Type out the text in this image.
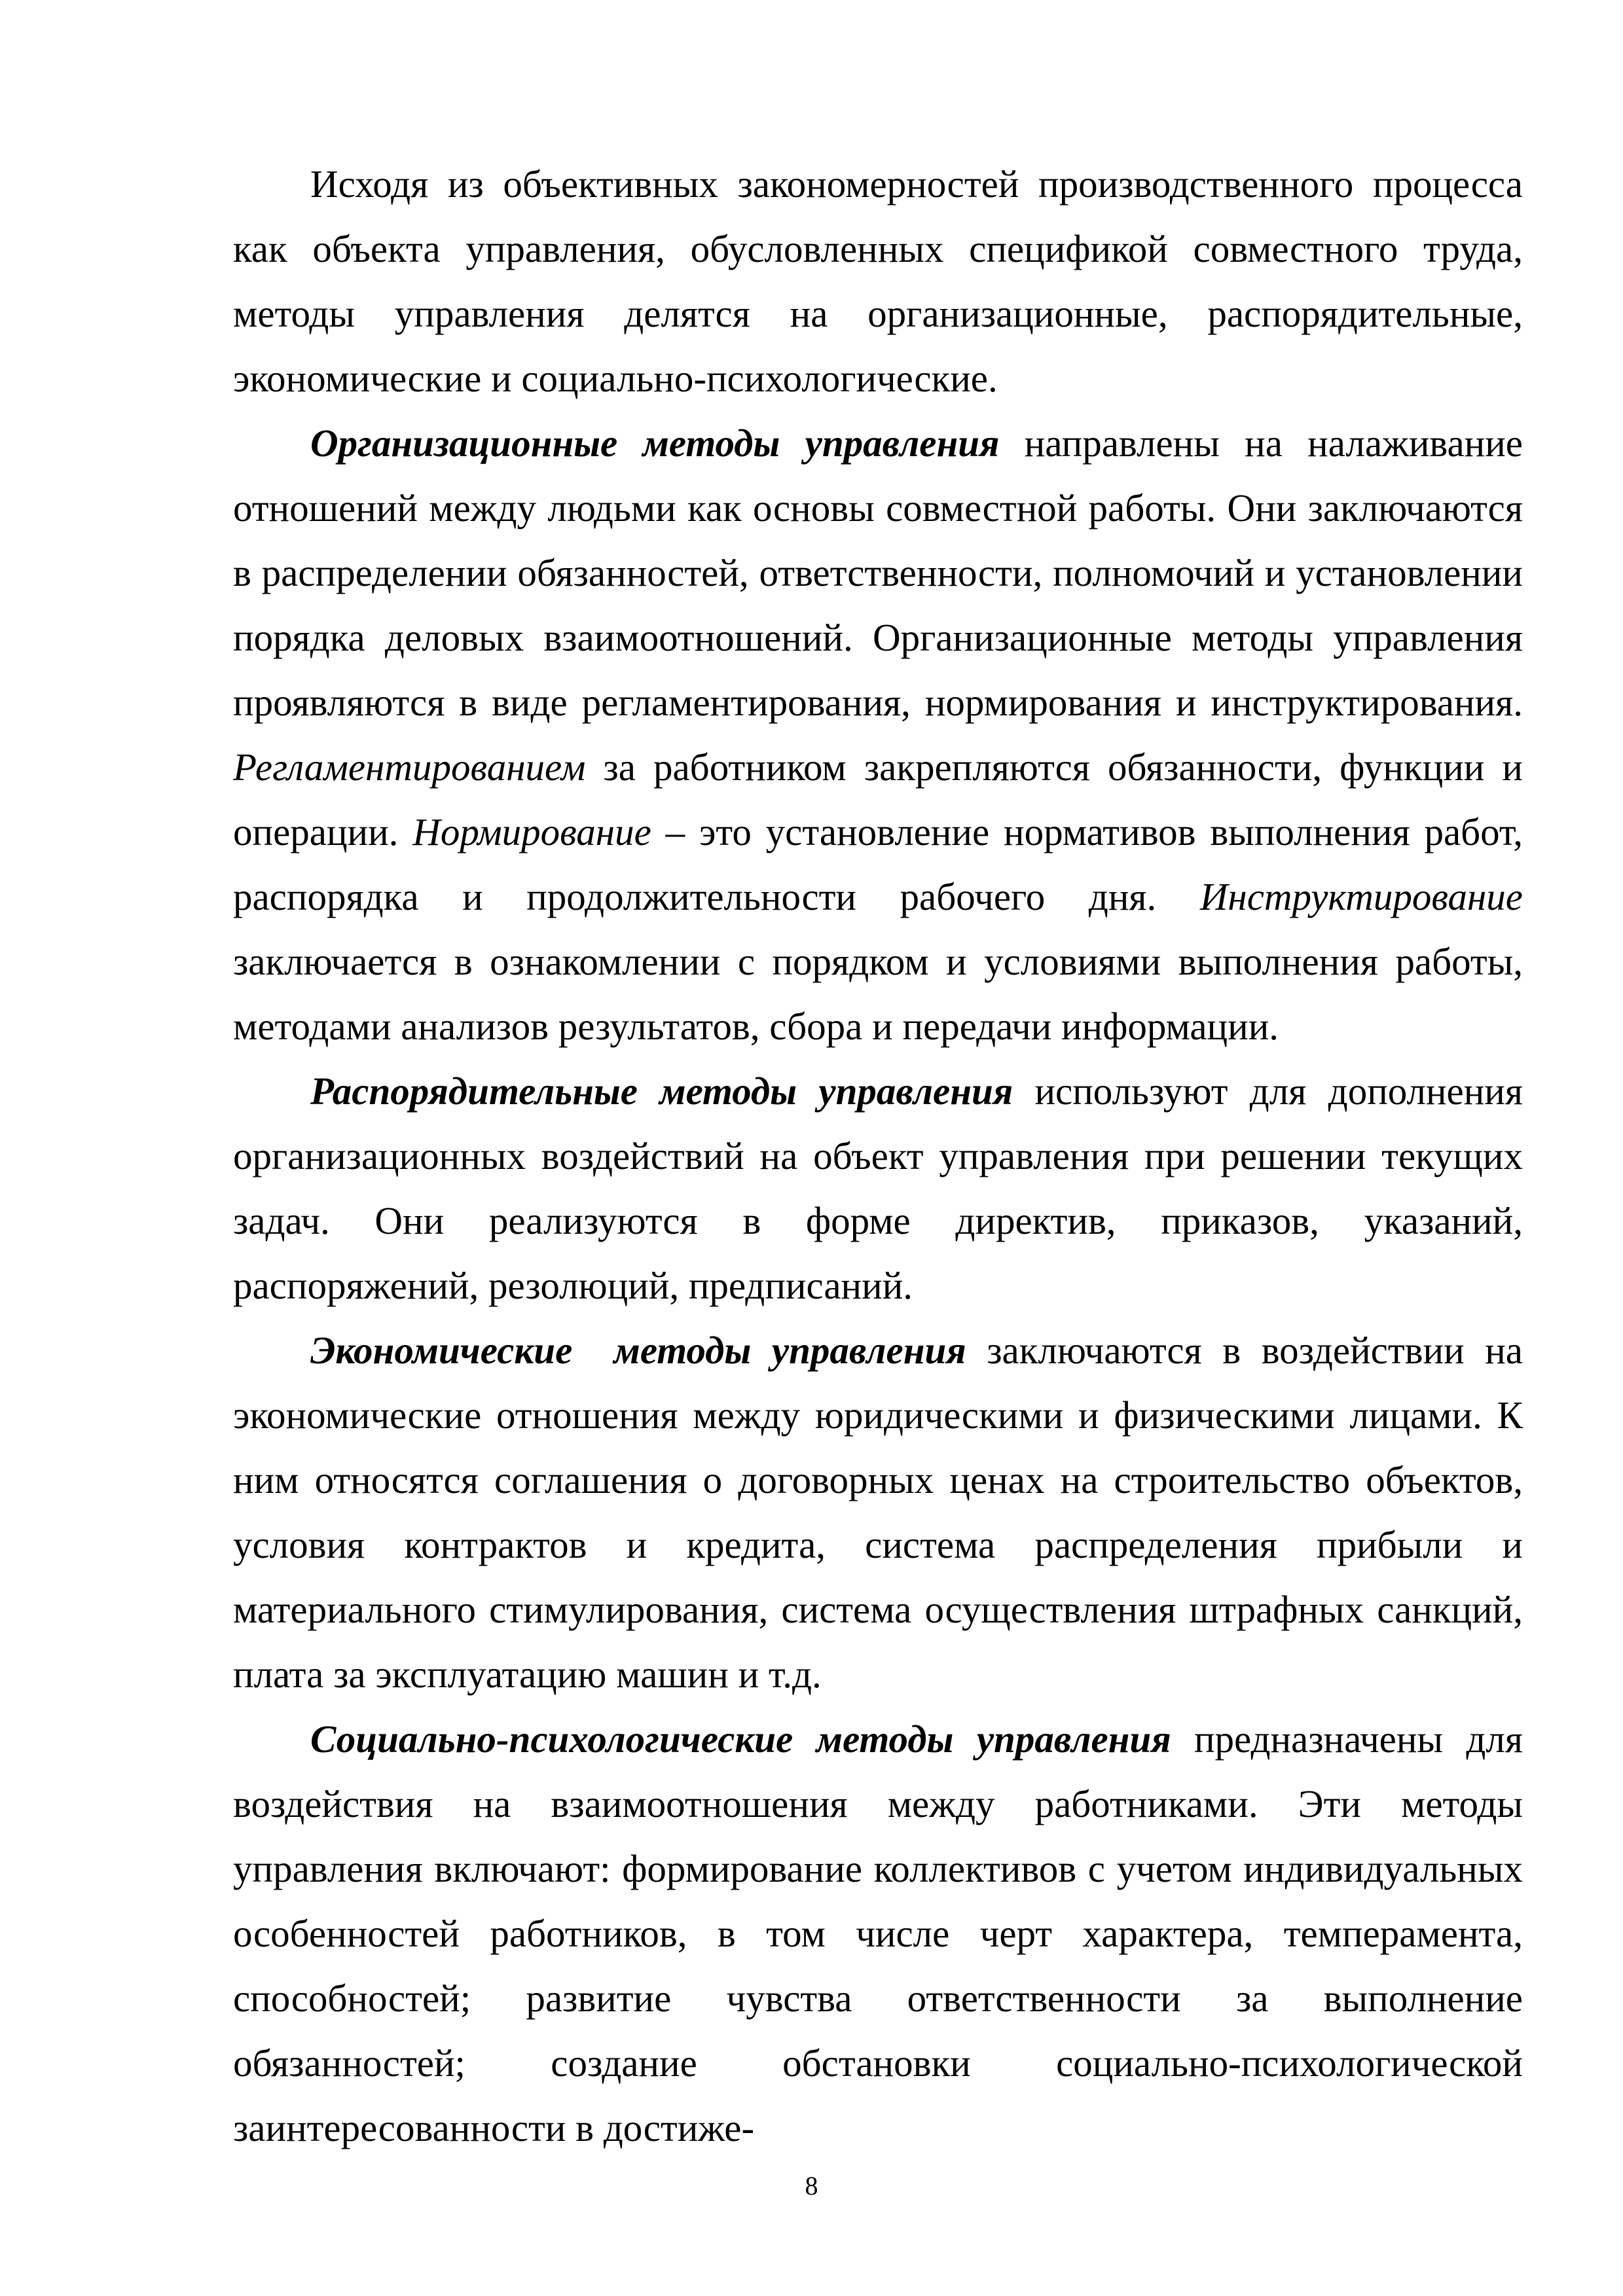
Исходя из объективных закономерностей производственного процесса как объекта управления, обусловленных спецификой совместного труда, методы управления делятся на организационные, распорядительные, экономические и социально-психологические.

Организационные методы управления направлены на налаживание отношений между людьми как основы совместной работы. Они заключаются в распределении обязанностей, ответственности, полномочий и установлении порядка деловых взаимоотношений. Организационные методы управления проявляются в виде регламентирования, нормирования и инструктирования. Регламентированием за работником закрепляются обязанности, функции и операции. Нормирование – это установление нормативов выполнения работ, распорядка и продолжительности рабочего дня. Инструктирование заключается в ознакомлении с порядком и условиями выполнения работы, методами анализов результатов, сбора и передачи информации.

Распорядительные методы управления используют для дополнения организационных воздействий на объект управления при решении текущих задач. Они реализуются в форме директив, приказов, указаний, распоряжений, резолюций, предписаний.

Экономические  методы управления заключаются в воздействии на экономические отношения между юридическими и физическими лицами. К ним относятся соглашения о договорных ценах на строительство объектов, условия контрактов и кредита, система распределения прибыли и материального стимулирования, система осуществления штрафных санкций, плата за эксплуатацию машин и т.д.

Социально-психологические методы управления предназначены для воздействия на взаимоотношения между работниками. Эти методы управления включают: формирование коллективов с учетом индивидуальных особенностей работников, в том числе черт характера, темперамента, способностей; развитие чувства ответственности за выполнение обязанностей; создание обстановки социально-психологической заинтересованности в достиже-

8
